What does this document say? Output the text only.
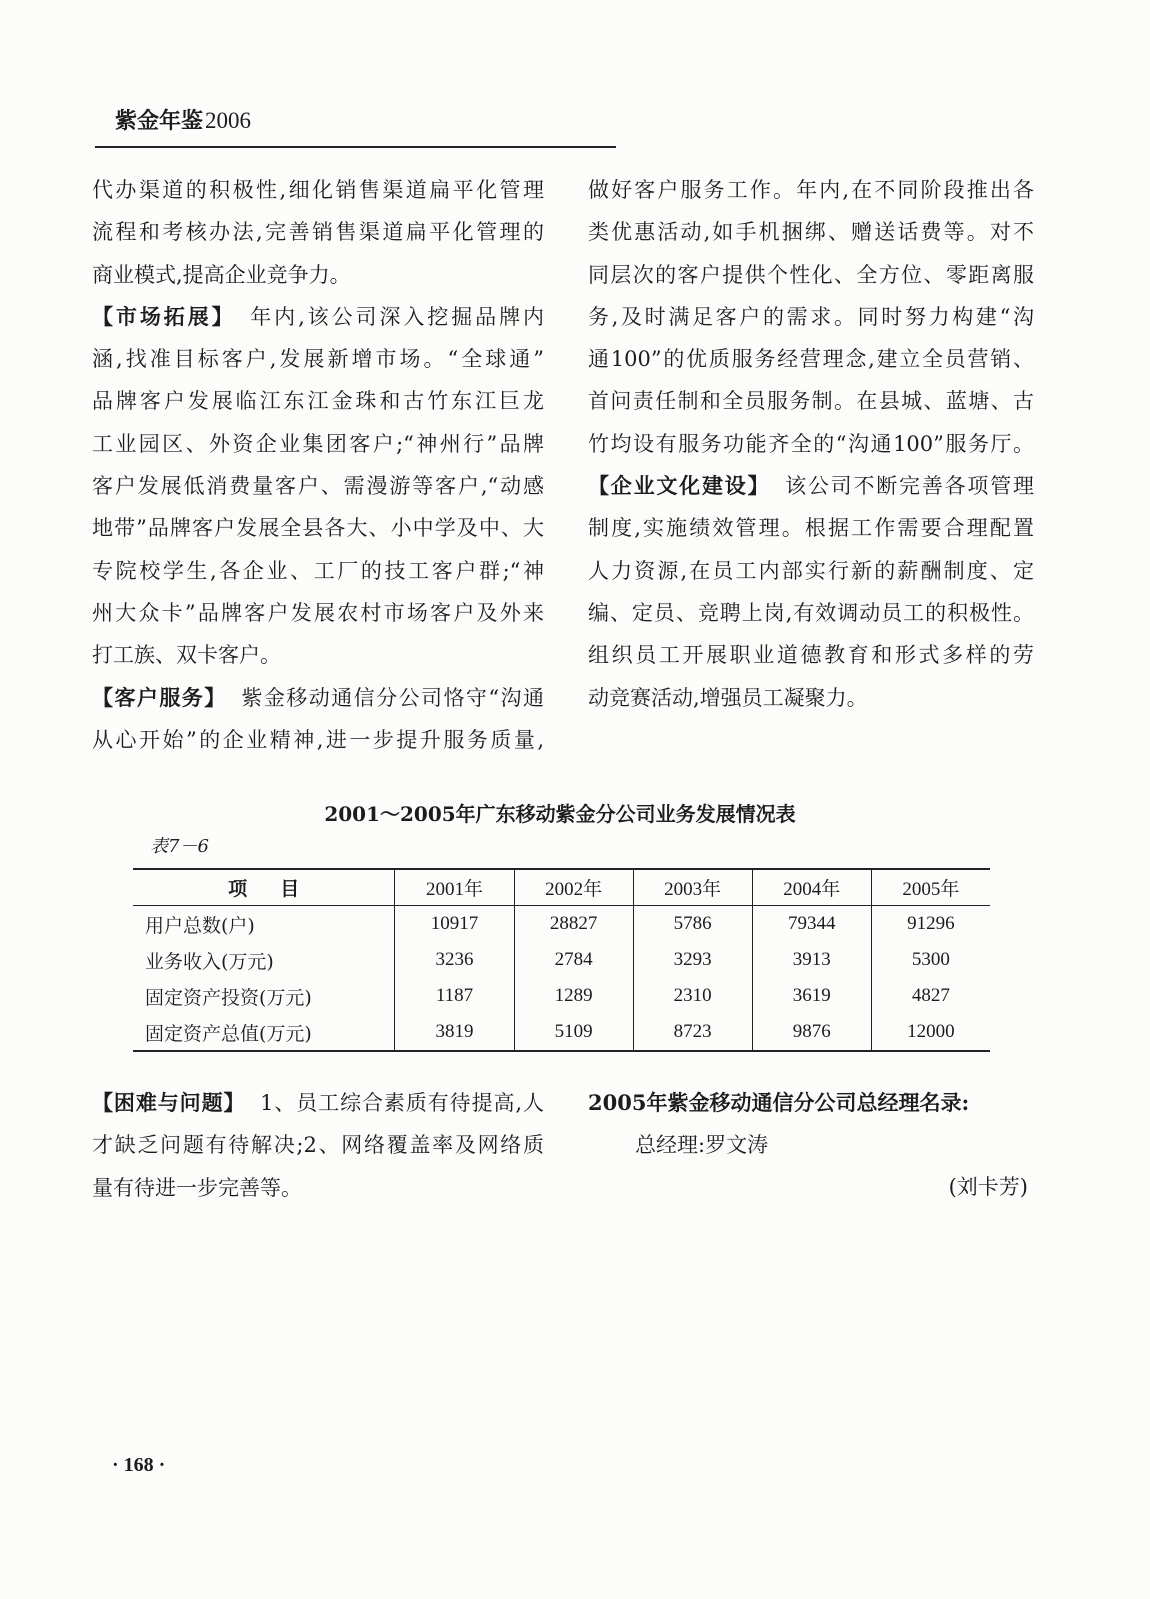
紫金年鉴2006
代办渠道的积极性,细化销售渠道扁平化管理
流程和考核办法,完善销售渠道扁平化管理的
商业模式,提高企业竞争力。
【市场拓展】 年内,该公司深入挖掘品牌内
涵,找准目标客户,发展新增市场。“全球通”
品牌客户发展临江东江金珠和古竹东江巨龙
工业园区、外资企业集团客户;“神州行”品牌
客户发展低消费量客户、需漫游等客户,“动感
地带”品牌客户发展全县各大、小中学及中、大
专院校学生,各企业、工厂的技工客户群;“神
州大众卡”品牌客户发展农村市场客户及外来
打工族、双卡客户。
【客户服务】 紫金移动通信分公司恪守“沟通
从心开始”的企业精神,进一步提升服务质量,
做好客户服务工作。年内,在不同阶段推出各
类优惠活动,如手机捆绑、赠送话费等。对不
同层次的客户提供个性化、全方位、零距离服
务,及时满足客户的需求。同时努力构建“沟
通100”的优质服务经营理念,建立全员营销、
首问责任制和全员服务制。在县城、蓝塘、古
竹均设有服务功能齐全的“沟通100”服务厅。
【企业文化建设】 该公司不断完善各项管理
制度,实施绩效管理。根据工作需要合理配置
人力资源,在员工内部实行新的薪酬制度、定
编、定员、竞聘上岗,有效调动员工的积极性。
组织员工开展职业道德教育和形式多样的劳
动竞赛活动,增强员工凝聚力。
2001～2005年广东移动紫金分公司业务发展情况表
表7－6
项 目	2001年	2002年	2003年	2004年	2005年
用户总数(户)	10917	28827	5786	79344	91296
业务收入(万元)	3236	2784	3293	3913	5300
固定资产投资(万元)	1187	1289	2310	3619	4827
固定资产总值(万元)	3819	5109	8723	9876	12000
【困难与问题】 1、员工综合素质有待提高,人
才缺乏问题有待解决;2、网络覆盖率及网络质
量有待进一步完善等。
2005年紫金移动通信分公司总经理名录:
总经理:罗文涛
(刘卡芳)
· 168 ·
